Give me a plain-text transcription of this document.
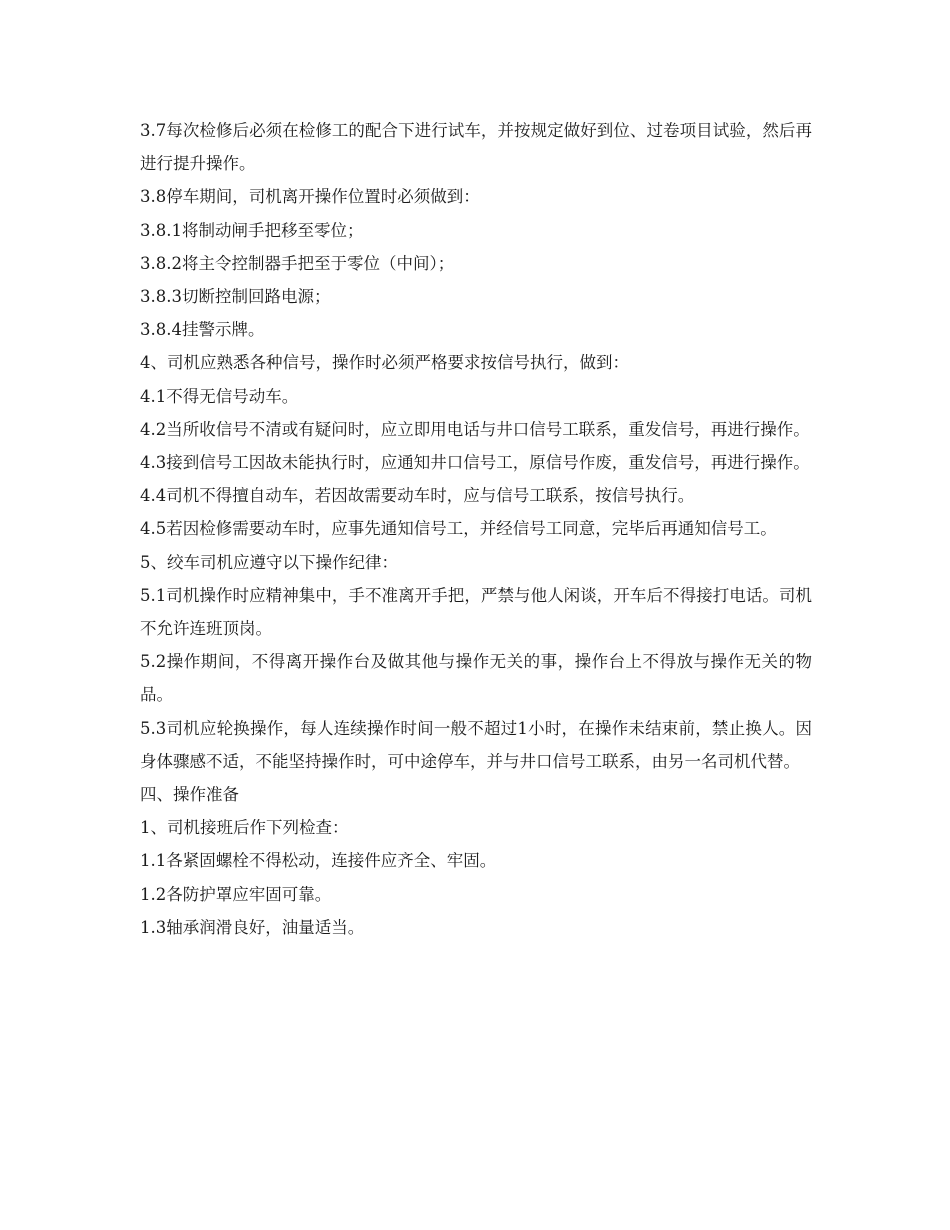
3.7每次检修后必须在检修工的配合下进行试车，并按规定做好到位、过卷项目试验，然后再进行提升操作。

3.8停车期间，司机离开操作位置时必须做到：

3.8.1将制动闸手把移至零位；

3.8.2将主令控制器手把至于零位（中间）；

3.8.3切断控制回路电源；

3.8.4挂警示牌。

4、司机应熟悉各种信号，操作时必须严格要求按信号执行，做到：

4.1不得无信号动车。

4.2当所收信号不清或有疑问时，应立即用电话与井口信号工联系，重发信号，再进行操作。

4.3接到信号工因故未能执行时，应通知井口信号工，原信号作废，重发信号，再进行操作。

4.4司机不得擅自动车，若因故需要动车时，应与信号工联系，按信号执行。

4.5若因检修需要动车时，应事先通知信号工，并经信号工同意，完毕后再通知信号工。

5、绞车司机应遵守以下操作纪律：

5.1司机操作时应精神集中，手不准离开手把，严禁与他人闲谈，开车后不得接打电话。司机不允许连班顶岗。

5.2操作期间，不得离开操作台及做其他与操作无关的事，操作台上不得放与操作无关的物品。

5.3司机应轮换操作，每人连续操作时间一般不超过1小时，在操作未结束前，禁止换人。因身体骤感不适，不能坚持操作时，可中途停车，并与井口信号工联系，由另一名司机代替。

四、操作准备

1、司机接班后作下列检查：

1.1各紧固螺栓不得松动，连接件应齐全、牢固。

1.2各防护罩应牢固可靠。

1.3轴承润滑良好，油量适当。
